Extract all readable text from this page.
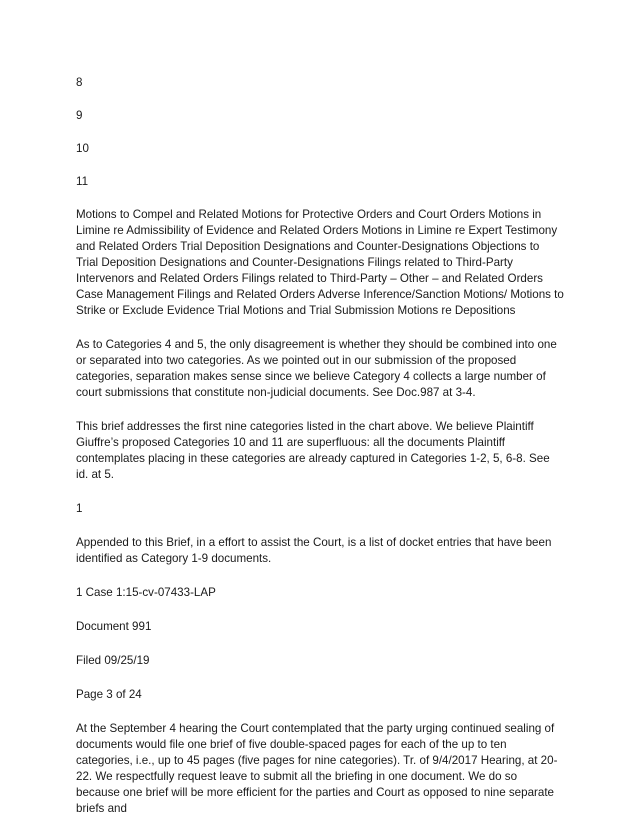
8
9
10
11

Motions to Compel and Related Motions for Protective Orders and Court Orders Motions in Limine re Admissibility of Evidence and Related Orders Motions in Limine re Expert Testimony and Related Orders Trial Deposition Designations and Counter-Designations Objections to Trial Deposition Designations and Counter-Designations Filings related to Third-Party Intervenors and Related Orders Filings related to Third-Party – Other – and Related Orders Case Management Filings and Related Orders Adverse Inference/Sanction Motions/ Motions to Strike or Exclude Evidence Trial Motions and Trial Submission Motions re Depositions

As to Categories 4 and 5, the only disagreement is whether they should be combined into one or separated into two categories. As we pointed out in our submission of the proposed categories, separation makes sense since we believe Category 4 collects a large number of court submissions that constitute non-judicial documents. See Doc.987 at 3-4.

This brief addresses the first nine categories listed in the chart above. We believe Plaintiff Giuffre’s proposed Categories 10 and 11 are superfluous: all the documents Plaintiff contemplates placing in these categories are already captured in Categories 1-2, 5, 6-8. See id. at 5.

1

Appended to this Brief, in a effort to assist the Court, is a list of docket entries that have been identified as Category 1-9 documents.

1 Case 1:15-cv-07433-LAP

Document 991

Filed 09/25/19

Page 3 of 24

At the September 4 hearing the Court contemplated that the party urging continued sealing of documents would file one brief of five double-spaced pages for each of the up to ten categories, i.e., up to 45 pages (five pages for nine categories). Tr. of 9/4/2017 Hearing, at 20-22. We respectfully request leave to submit all the briefing in one document. We do so because one brief will be more efficient for the parties and Court as opposed to nine separate briefs and
